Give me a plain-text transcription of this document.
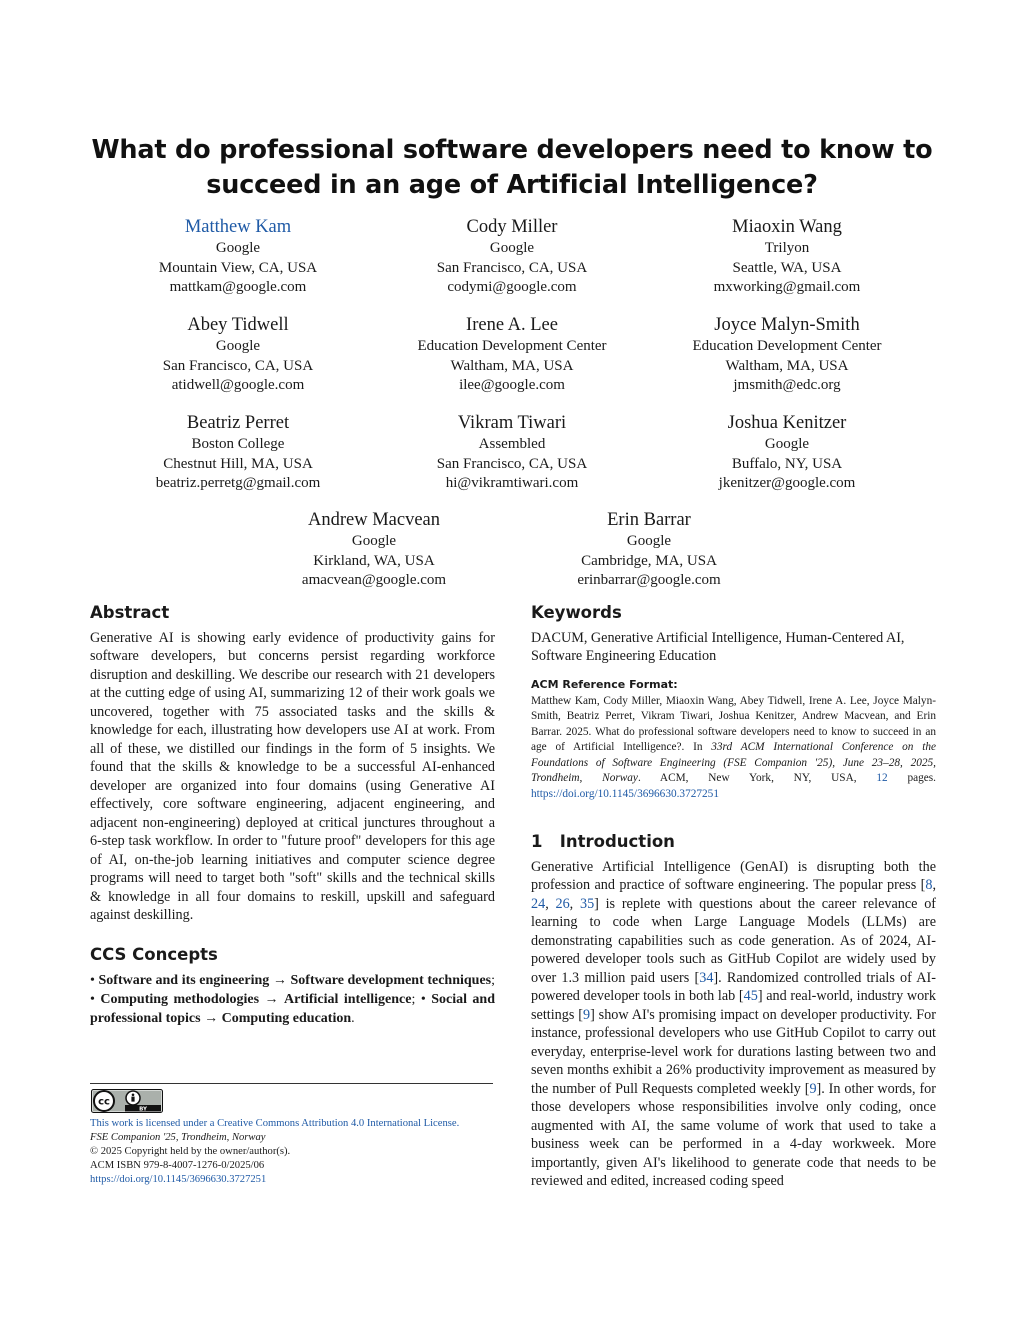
What do professional software developers need to know to succeed in an age of Artificial Intelligence?
Matthew Kam
Google
Mountain View, CA, USA
mattkam@google.com
Cody Miller
Google
San Francisco, CA, USA
codymi@google.com
Miaoxin Wang
Trilyon
Seattle, WA, USA
mxworking@gmail.com
Abey Tidwell
Google
San Francisco, CA, USA
atidwell@google.com
Irene A. Lee
Education Development Center
Waltham, MA, USA
ilee@google.com
Joyce Malyn-Smith
Education Development Center
Waltham, MA, USA
jmsmith@edc.org
Beatriz Perret
Boston College
Chestnut Hill, MA, USA
beatriz.perretg@gmail.com
Vikram Tiwari
Assembled
San Francisco, CA, USA
hi@vikramtiwari.com
Joshua Kenitzer
Google
Buffalo, NY, USA
jkenitzer@google.com
Andrew Macvean
Google
Kirkland, WA, USA
amacvean@google.com
Erin Barrar
Google
Cambridge, MA, USA
erinbarrar@google.com
Abstract

Generative AI is showing early evidence of productivity gains for software developers, but concerns persist regarding workforce disruption and deskilling. We describe our research with 21 developers at the cutting edge of using AI, summarizing 12 of their work goals we uncovered, together with 75 associated tasks and the skills & knowledge for each, illustrating how developers use AI at work. From all of these, we distilled our findings in the form of 5 insights. We found that the skills & knowledge to be a successful AI-enhanced developer are organized into four domains (using Generative AI effectively, core software engineering, adjacent engineering, and adjacent non-engineering) deployed at critical junctures throughout a 6-step task workflow. In order to "future proof" developers for this age of AI, on-the-job learning initiatives and computer science degree programs will need to target both "soft" skills and the technical skills & knowledge in all four domains to reskill, upskill and safeguard against deskilling.

CCS Concepts

• Software and its engineering → Software development techniques; • Computing methodologies → Artificial intelligence; • Social and professional topics → Computing education.

cc
BY
This work is licensed under a Creative Commons Attribution 4.0 International License.
FSE Companion '25, Trondheim, Norway
© 2025 Copyright held by the owner/author(s).
ACM ISBN 979-8-4007-1276-0/2025/06
https://doi.org/10.1145/3696630.3727251
Keywords

DACUM, Generative Artificial Intelligence, Human-Centered AI, Software Engineering Education

ACM Reference Format:

Matthew Kam, Cody Miller, Miaoxin Wang, Abey Tidwell, Irene A. Lee, Joyce Malyn-Smith, Beatriz Perret, Vikram Tiwari, Joshua Kenitzer, Andrew Macvean, and Erin Barrar. 2025. What do professional software developers need to know to succeed in an age of Artificial Intelligence?. In 33rd ACM International Conference on the Foundations of Software Engineering (FSE Companion '25), June 23–28, 2025, Trondheim, Norway. ACM, New York, NY, USA, 12 pages. https://doi.org/10.1145/3696630.3727251

1 Introduction

Generative Artificial Intelligence (GenAI) is disrupting both the profession and practice of software engineering. The popular press [8, 24, 26, 35] is replete with questions about the career relevance of learning to code when Large Language Models (LLMs) are demonstrating capabilities such as code generation. As of 2024, AI-powered developer tools such as GitHub Copilot are widely used by over 1.3 million paid users [34]. Randomized controlled trials of AI-powered developer tools in both lab [45] and real-world, industry work settings [9] show AI's promising impact on developer productivity. For instance, professional developers who use GitHub Copilot to carry out everyday, enterprise-level work for durations lasting between two and seven months exhibit a 26% productivity improvement as measured by the number of Pull Requests completed weekly [9]. In other words, for those developers whose responsibilities involve only coding, once augmented with AI, the same volume of work that used to take a business week can be performed in a 4-day workweek. More importantly, given AI's likelihood to generate code that needs to be reviewed and edited, increased coding speed
